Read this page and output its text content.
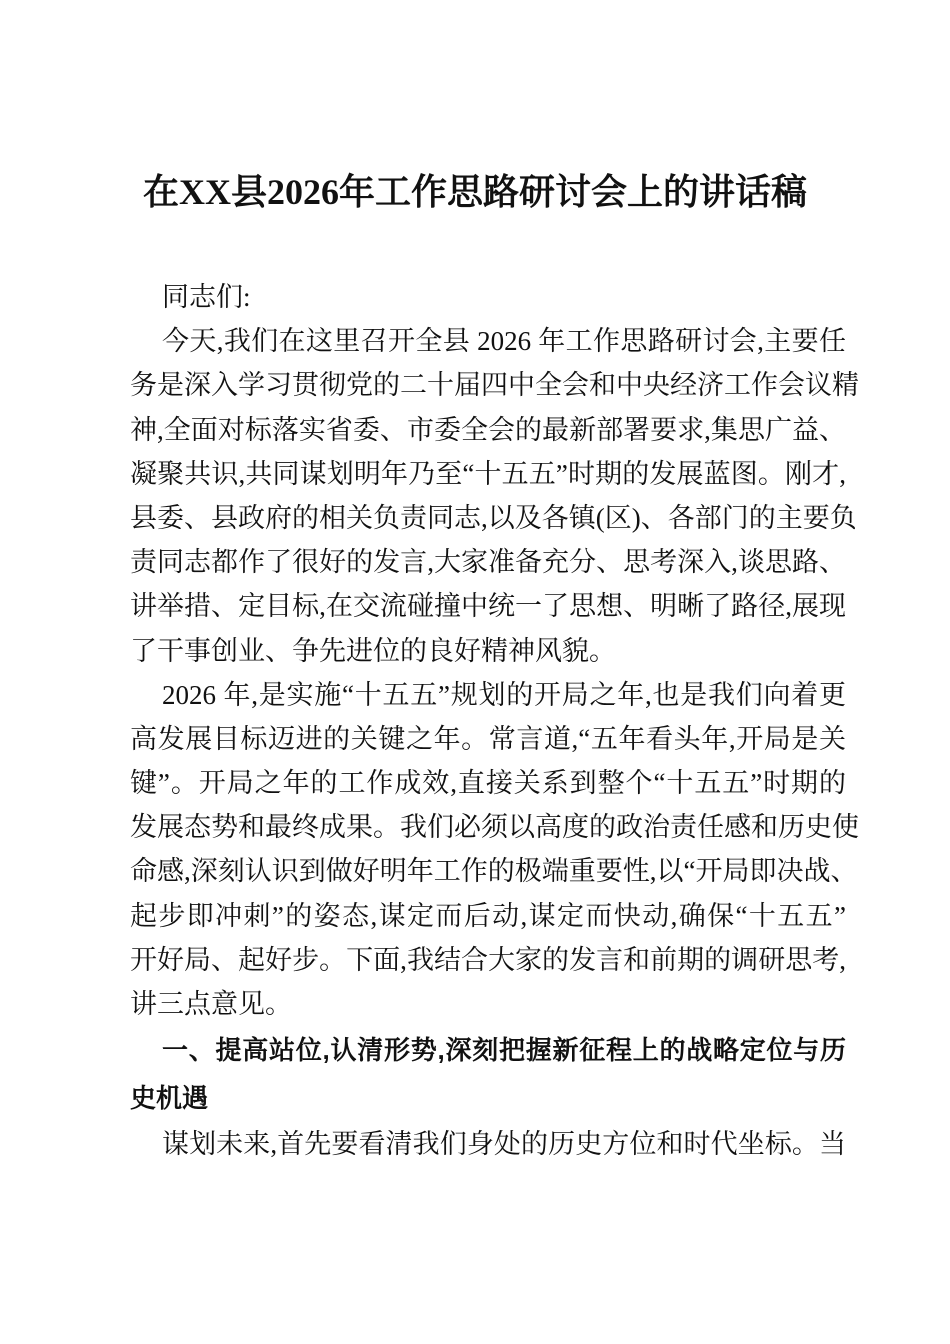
在XX县2026年工作思路研讨会上的讲话稿
同志们:
今天,我们在这里召开全县 2026 年工作思路研讨会,主要任
务是深入学习贯彻党的二十届四中全会和中央经济工作会议精
神,全面对标落实省委、市委全会的最新部署要求,集思广益、
凝聚共识,共同谋划明年乃至“十五五”时期的发展蓝图。刚才,
县委、县政府的相关负责同志,以及各镇(区)、各部门的主要负
责同志都作了很好的发言,大家准备充分、思考深入,谈思路、
讲举措、定目标,在交流碰撞中统一了思想、明晰了路径,展现
了干事创业、争先进位的良好精神风貌。
2026 年,是实施“十五五”规划的开局之年,也是我们向着更
高发展目标迈进的关键之年。常言道,“五年看头年,开局是关
键”。开局之年的工作成效,直接关系到整个“十五五”时期的
发展态势和最终成果。我们必须以高度的政治责任感和历史使
命感,深刻认识到做好明年工作的极端重要性,以“开局即决战、
起步即冲刺”的姿态,谋定而后动,谋定而快动,确保“十五五”
开好局、起好步。下面,我结合大家的发言和前期的调研思考,
讲三点意见。
一、提高站位,认清形势,深刻把握新征程上的战略定位与历
史机遇
谋划未来,首先要看清我们身处的历史方位和时代坐标。当
